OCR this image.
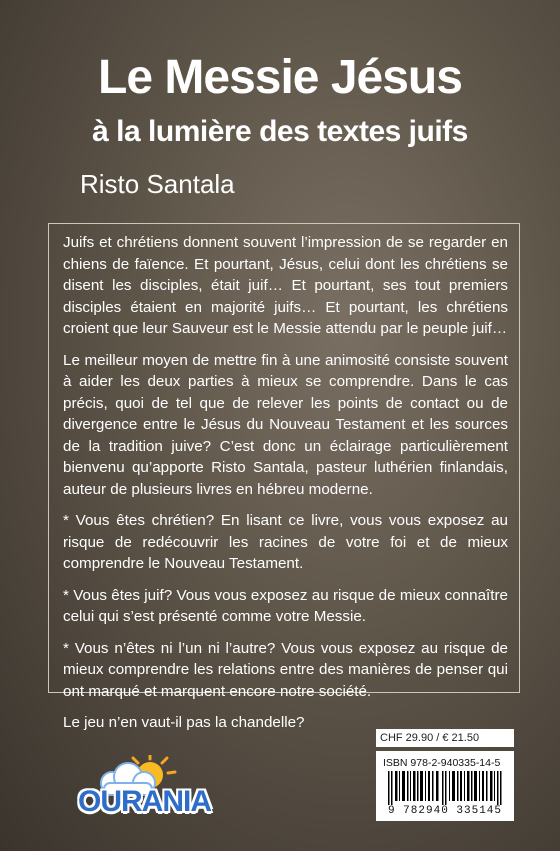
Le Messie Jésus
à la lumière des textes juifs
Risto Santala

Juifs et chrétiens donnent souvent l’impression de se regarder en chiens de faïence. Et pourtant, Jésus, celui dont les chrétiens se disent les disciples, était juif… Et pourtant, ses tout premiers disciples étaient en majorité juifs… Et pourtant, les chrétiens croient que leur Sauveur est le Messie attendu par le peuple juif…

Le meilleur moyen de mettre fin à une animosité consiste souvent à aider les deux parties à mieux se comprendre. Dans le cas précis, quoi de tel que de relever les points de contact ou de divergence entre le Jésus du Nouveau Testament et les sources de la tradition juive? C’est donc un éclairage particulièrement bienvenu qu’apporte Risto Santala, pasteur luthérien finlandais, auteur de plusieurs livres en hébreu moderne.

* Vous êtes chrétien? En lisant ce livre, vous vous exposez au risque de redécouvrir les racines de votre foi et de mieux comprendre le Nouveau Testament.

* Vous êtes juif? Vous vous exposez au risque de mieux connaître celui qui s’est présenté comme votre Messie.

* Vous n’êtes ni l’un ni l’autre? Vous vous exposez au risque de mieux comprendre les relations entre des manières de penser qui ont marqué et marquent encore notre société.

Le jeu n’en vaut-il pas la chandelle?

OURANIA
CHF 29.90 / € 21.50
ISBN 978-2-940335-14-5
9 782940 335145
